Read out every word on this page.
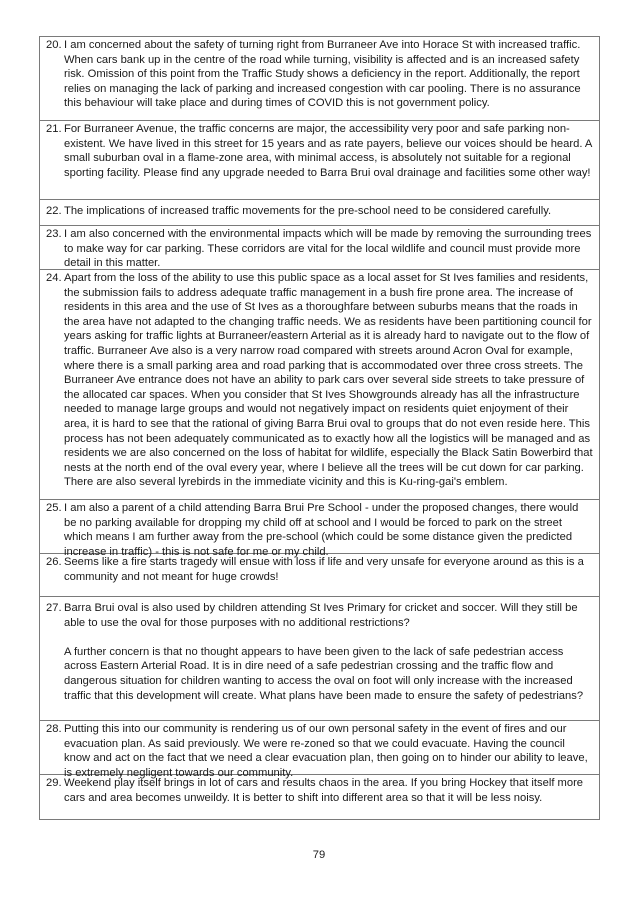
20. I am concerned about the safety of turning right from Burraneer Ave into Horace St with increased traffic. When cars bank up in the centre of the road while turning, visibility is affected and is an increased safety risk. Omission of this point from the Traffic Study shows a deficiency in the report. Additionally, the report relies on managing the lack of parking and increased congestion with car pooling. There is no assurance this behaviour will take place and during times of COVID this is not government policy.

21. For Burraneer Avenue, the traffic concerns are major, the accessibility very poor and safe parking non-existent. We have lived in this street for 15 years and as rate payers, believe our voices should be heard. A small suburban oval in a flame-zone area, with minimal access, is absolutely not suitable for a regional sporting facility. Please find any upgrade needed to Barra Brui oval drainage and facilities some other way!

22. The implications of increased traffic movements for the pre-school need to be considered carefully.

23. I am also concerned with the environmental impacts which will be made by removing the surrounding trees to make way for car parking. These corridors are vital for the local wildlife and council must provide more detail in this matter.

24. Apart from the loss of the ability to use this public space as a local asset for St Ives families and residents, the submission fails to address adequate traffic management in a bush fire prone area. The increase of residents in this area and the use of St Ives as a thoroughfare between suburbs means that the roads in the area have not adapted to the changing traffic needs. We as residents have been partitioning council for years asking for traffic lights at Burraneer/eastern Arterial as it is already hard to navigate out to the flow of traffic. Burraneer Ave also is a very narrow road compared with streets around Acron Oval for example, where there is a small parking area and road parking that is accommodated over three cross streets. The Burraneer Ave entrance does not have an ability to park cars over several side streets to take pressure of the allocated car spaces. When you consider that St Ives Showgrounds already has all the infrastructure needed to manage large groups and would not negatively impact on residents quiet enjoyment of their area, it is hard to see that the rational of giving Barra Brui oval to groups that do not even reside here. This process has not been adequately communicated as to exactly how all the logistics will be managed and as residents we are also concerned on the loss of habitat for wildlife, especially the Black Satin Bowerbird that nests at the north end of the oval every year, where I believe all the trees will be cut down for car parking. There are also several lyrebirds in the immediate vicinity and this is Ku-ring-gai's emblem.

25. I am also a parent of a child attending Barra Brui Pre School - under the proposed changes, there would be no parking available for dropping my child off at school and I would be forced to park on the street which means I am further away from the pre-school (which could be some distance given the predicted increase in traffic) - this is not safe for me or my child.

26. Seems like a fire starts tragedy will ensue with loss if life and very unsafe for everyone around as this is a community and not meant for huge crowds!

27. Barra Brui oval is also used by children attending St Ives Primary for cricket and soccer. Will they still be able to use the oval for those purposes with no additional restrictions?

A further concern is that no thought appears to have been given to the lack of safe pedestrian access across Eastern Arterial Road. It is in dire need of a safe pedestrian crossing and the traffic flow and dangerous situation for children wanting to access the oval on foot will only increase with the increased traffic that this development will create. What plans have been made to ensure the safety of pedestrians?

28. Putting this into our community is rendering us of our own personal safety in the event of fires and our evacuation plan. As said previously. We were re-zoned so that we could evacuate. Having the council know and act on the fact that we need a clear evacuation plan, then going on to hinder our ability to leave, is extremely negligent towards our community.

29. Weekend play itself brings in lot of cars and results chaos in the area. If you bring Hockey that itself more cars and area becomes unweildy. It is better to shift into different area so that it will be less noisy.

79
